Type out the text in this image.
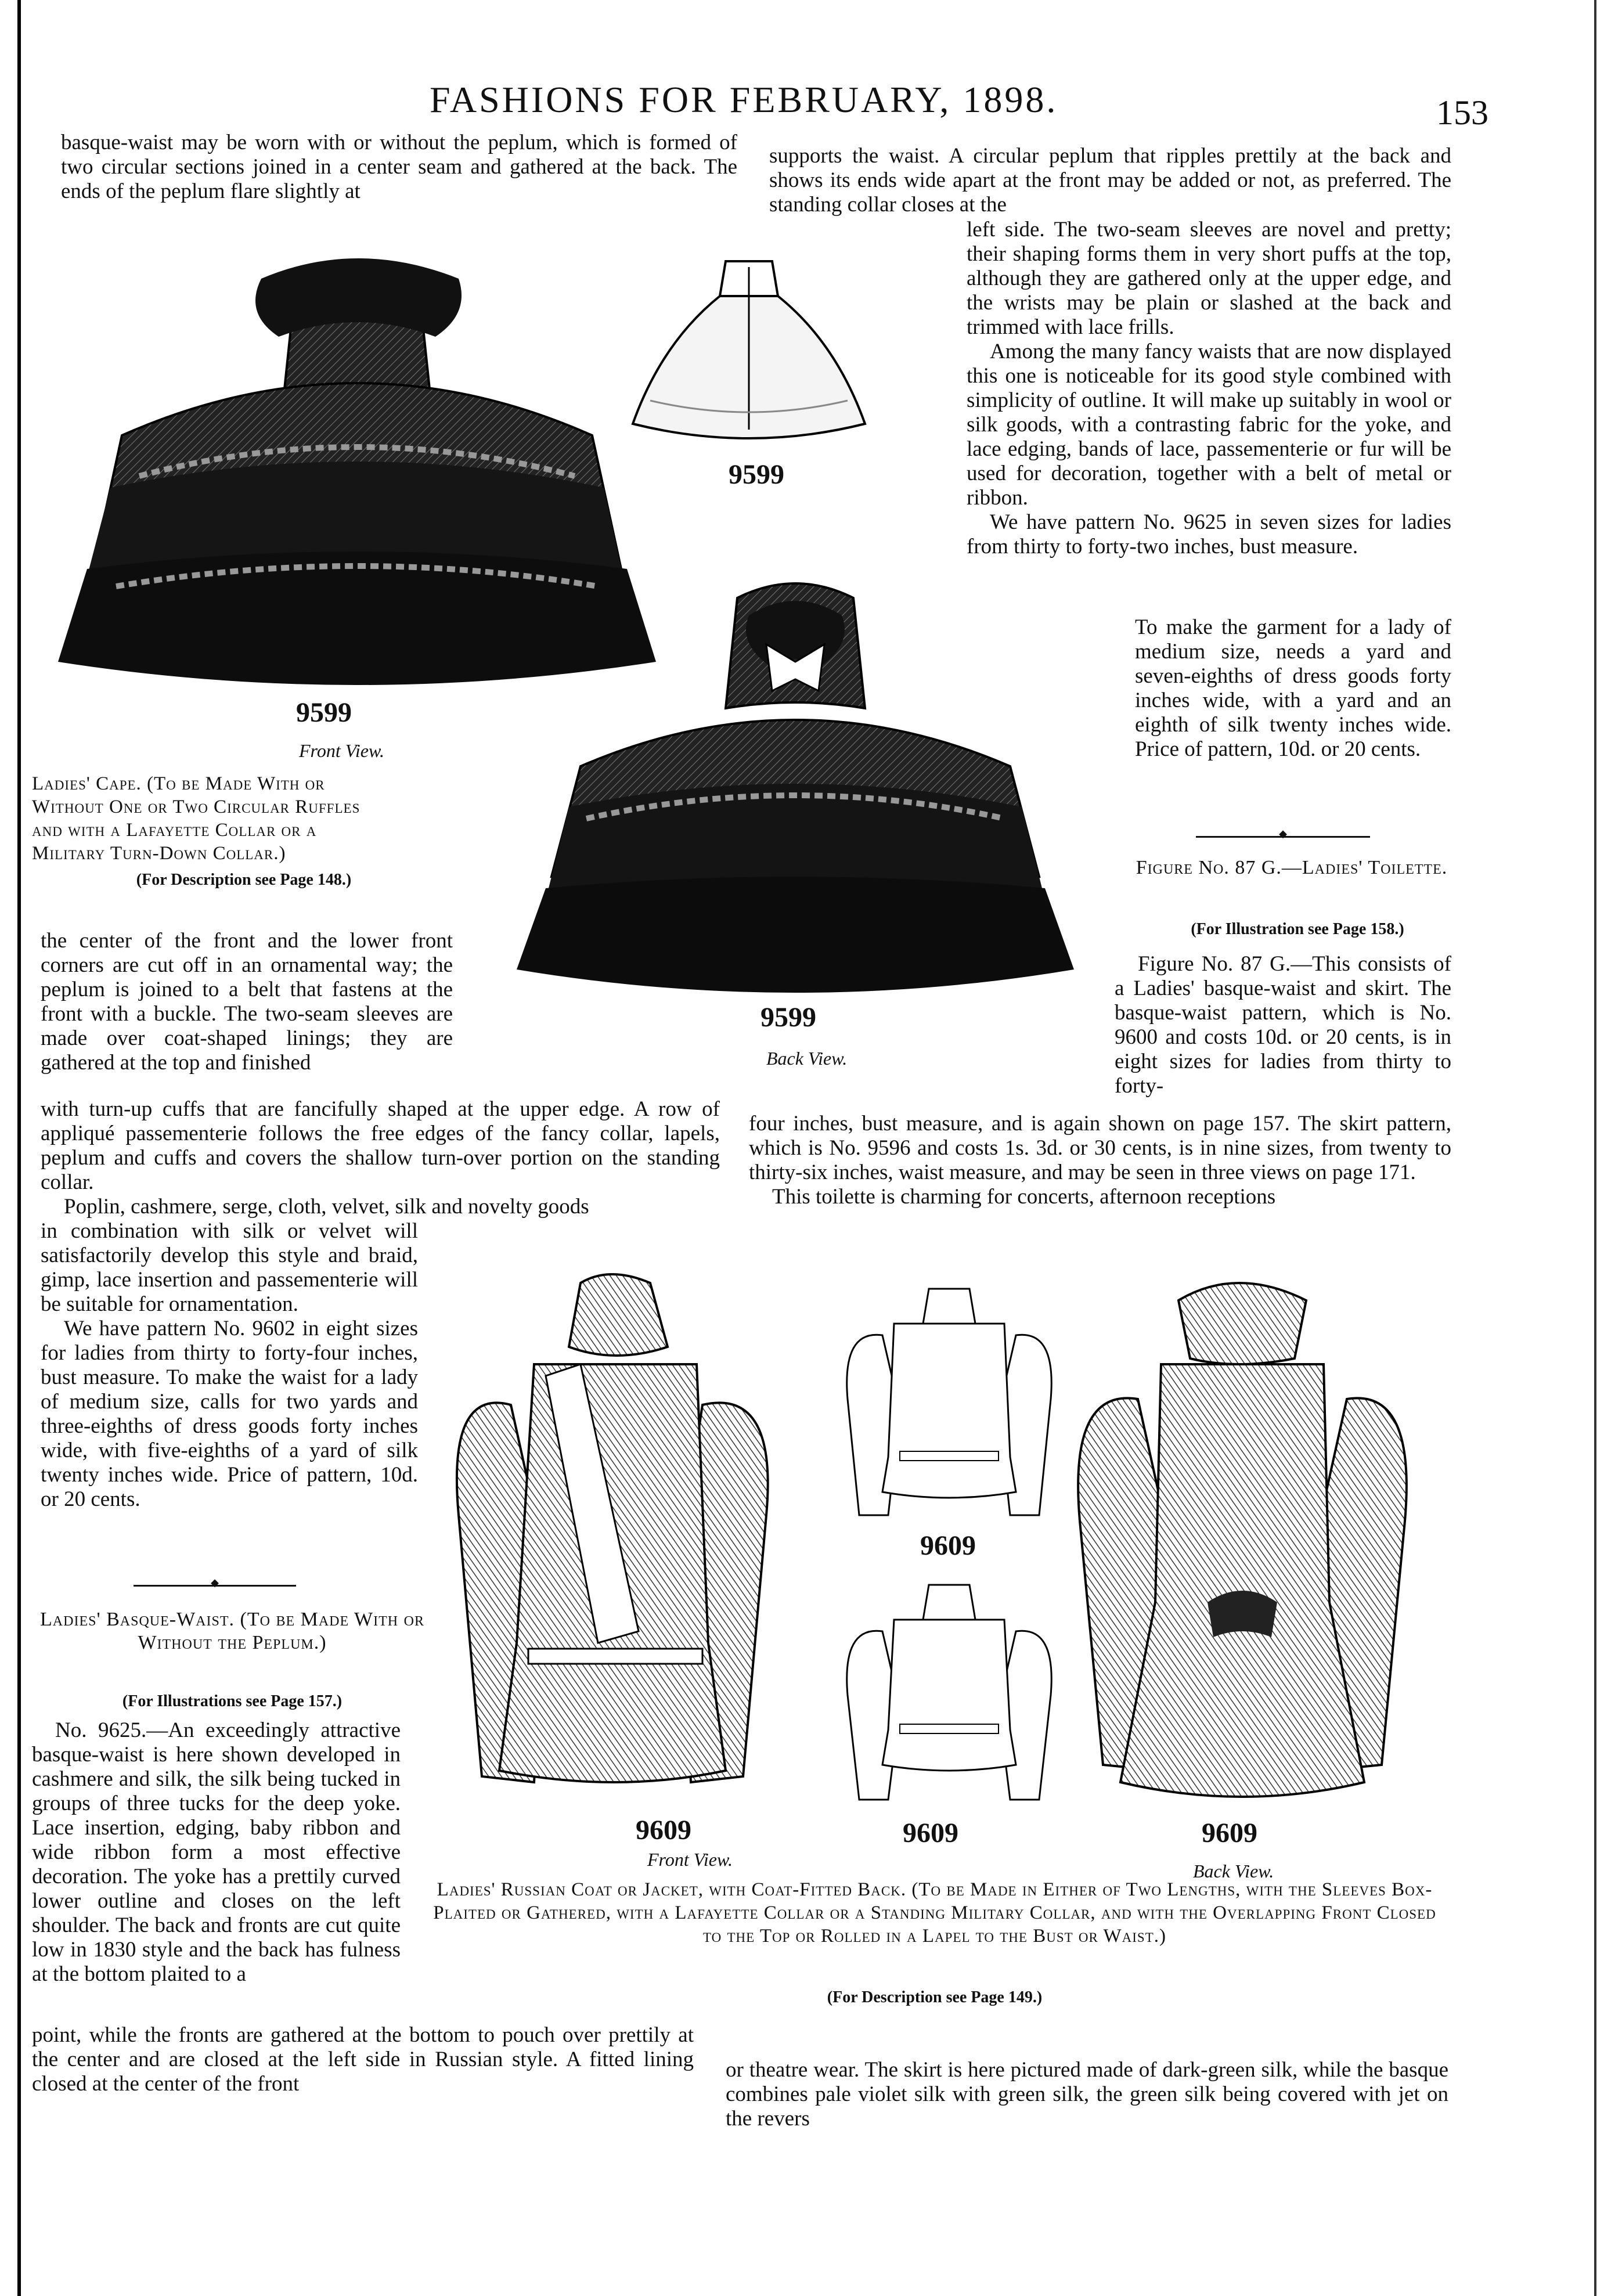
FASHIONS FOR FEBRUARY, 1898.	153

basque-waist may be worn with or without the peplum, which is formed of two circular sections joined in a center seam and gathered at the back. The ends of the peplum flare slightly at

supports the waist. A circular peplum that ripples prettily at the back and shows its ends wide apart at the front may be added or not, as preferred. The standing collar closes at the

left side. The two-seam sleeves are novel and pretty; their shaping forms them in very short puffs at the top, although they are gathered only at the upper edge, and the wrists may be plain or slashed at the back and trimmed with lace frills.

Among the many fancy waists that are now displayed this one is noticeable for its good style combined with simplicity of outline. It will make up suitably in wool or silk goods, with a contrasting fabric for the yoke, and lace edging, bands of lace, passementerie or fur will be used for decoration, together with a belt of metal or ribbon.

We have pattern No. 9625 in seven sizes for ladies from thirty to forty-two inches, bust measure.

To make the garment for a lady of medium size, needs a yard and seven-eighths of dress goods forty inches wide, with a yard and an eighth of silk twenty inches wide. Price of pattern, 10d. or 20 cents.

9599
Front View.
9599
9599
Back View.
Ladies' Cape. (To be Made With or Without One or Two Circular Ruffles and with a Lafayette Collar or a Military Turn-Down Collar.)
(For Description see Page 148.)
Figure No. 87 G.—Ladies' Toilette.
(For Illustration see Page 158.)
◆

Figure No. 87 G.—This consists of a Ladies' basque-waist and skirt. The basque-waist pattern, which is No. 9600 and costs 10d. or 20 cents, is in eight sizes for ladies from thirty to forty-

four inches, bust measure, and is again shown on page 157. The skirt pattern, which is No. 9596 and costs 1s. 3d. or 30 cents, is in nine sizes, from twenty to thirty-six inches, waist measure, and may be seen in three views on page 171.

This toilette is charming for concerts, afternoon receptions

the center of the front and the lower front corners are cut off in an ornamental way; the peplum is joined to a belt that fastens at the front with a buckle. The two-seam sleeves are made over coat-shaped linings; they are gathered at the top and finished

with turn-up cuffs that are fancifully shaped at the upper edge. A row of appliqué passementerie follows the free edges of the fancy collar, lapels, peplum and cuffs and covers the shallow turn-over portion on the standing collar.

Poplin, cashmere, serge, cloth, velvet, silk and novelty goods

in combination with silk or velvet will satisfactorily develop this style and braid, gimp, lace insertion and passementerie will be suitable for ornamentation.

We have pattern No. 9602 in eight sizes for ladies from thirty to forty-four inches, bust measure. To make the waist for a lady of medium size, calls for two yards and three-eighths of dress goods forty inches wide, with five-eighths of a yard of silk twenty inches wide. Price of pattern, 10d. or 20 cents.

◆
Ladies' Basque-Waist. (To be Made With or Without the Peplum.)
(For Illustrations see Page 157.)

No. 9625.—An exceedingly attractive basque-waist is here shown developed in cashmere and silk, the silk being tucked in groups of three tucks for the deep yoke. Lace insertion, edging, baby ribbon and wide ribbon form a most effective decoration. The yoke has a prettily curved lower outline and closes on the left shoulder. The back and fronts are cut quite low in 1830 style and the back has fulness at the bottom plaited to a

9609
Front View.
9609
9609	9609
Back View.
Ladies' Russian Coat or Jacket, with Coat-Fitted Back. (To be Made in Either of Two Lengths, with the Sleeves Box-Plaited or Gathered, with a Lafayette Collar or a Standing Military Collar, and with the Overlapping Front Closed to the Top or Rolled in a Lapel to the Bust or Waist.)
(For Description see Page 149.)

point, while the fronts are gathered at the bottom to pouch over prettily at the center and are closed at the left side in Russian style. A fitted lining closed at the center of the front

or theatre wear. The skirt is here pictured made of dark-green silk, while the basque combines pale violet silk with green silk, the green silk being covered with jet on the revers
